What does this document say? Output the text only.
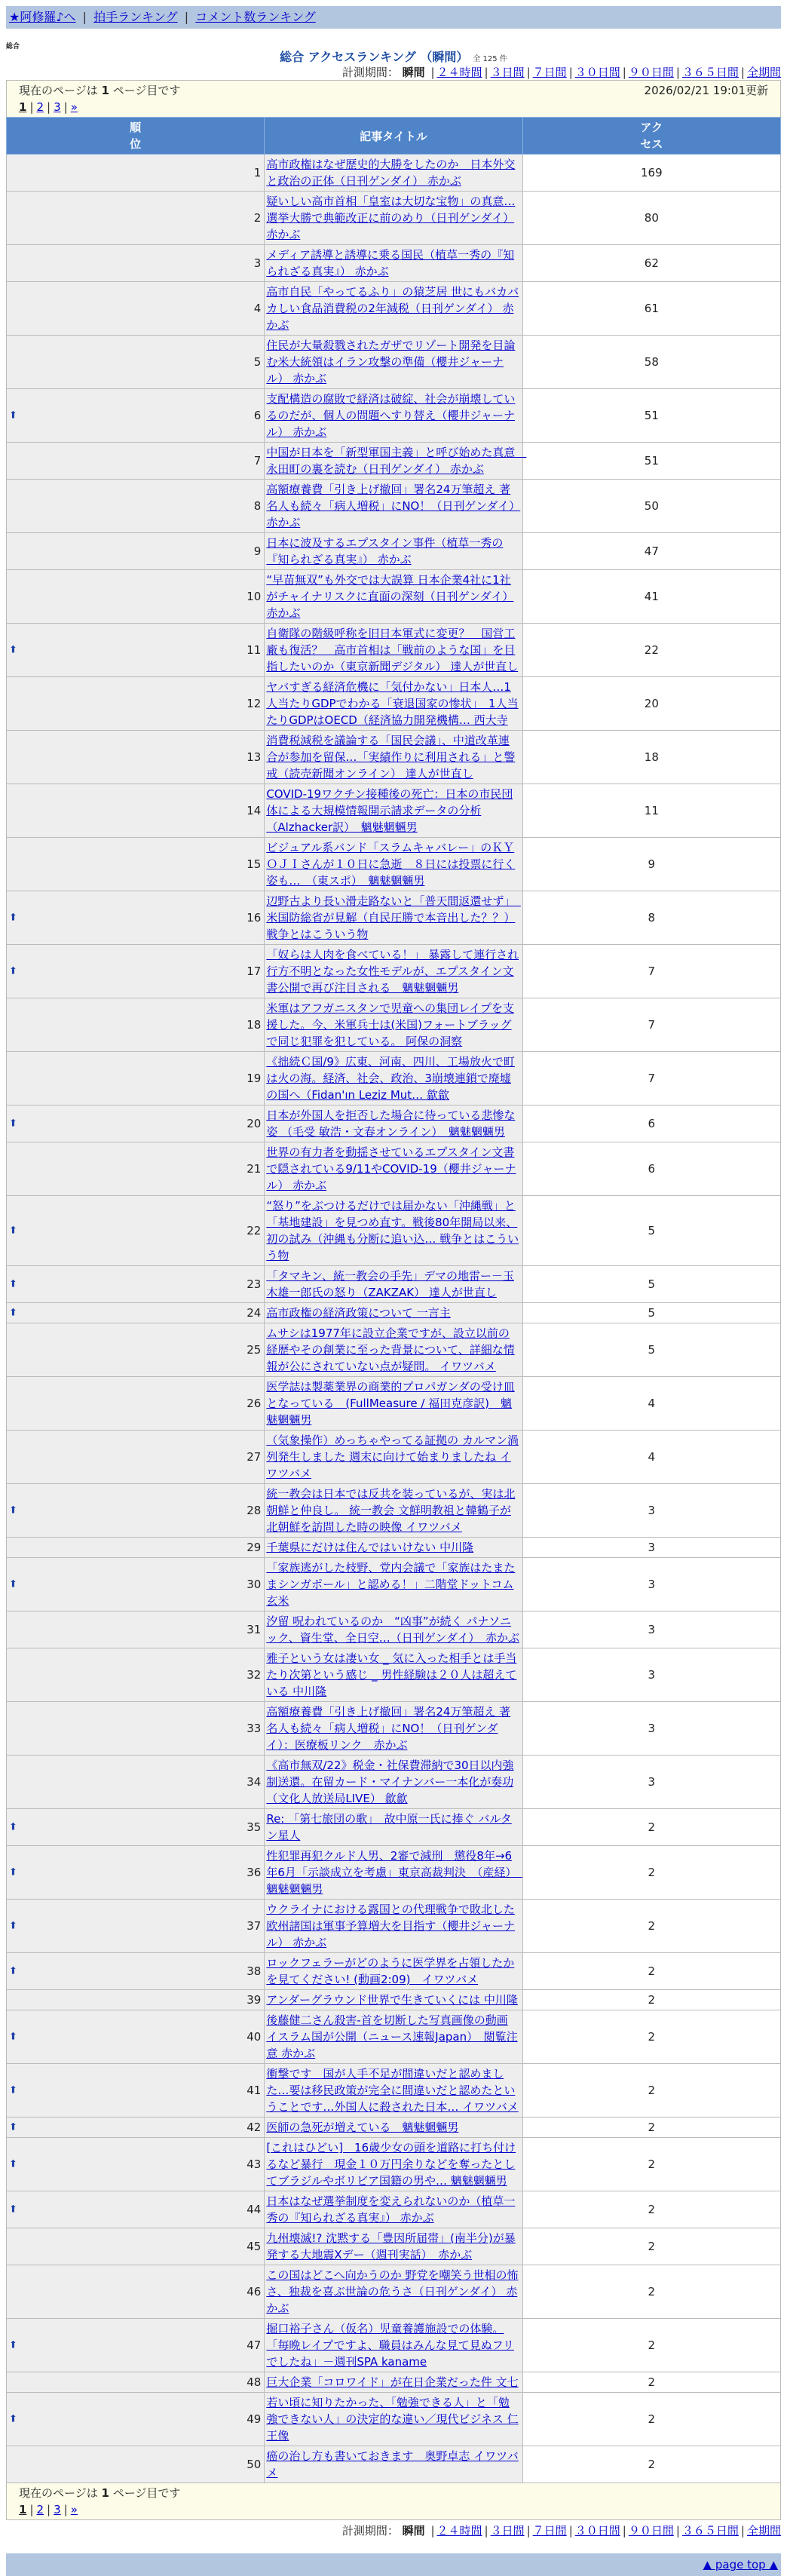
★阿修羅♪へ | 拍手ランキング | コメント数ランキング
総合
総合 アクセスランキング （瞬間） 全 125 件
計測期間： 瞬間 | ２４時間 | ３日間 | ７日間 | ３０日間 | ９０日間 | ３６５日間 | 全期間
2026/02/21 19:01更新
現在のページは 1 ページ目です
1 | 2 | 3 | »		
順位	記事タイトル	アクセス
1	高市政権はなぜ歴史的大勝をしたのか　日本外交と政治の正体（日刊ゲンダイ） 赤かぶ	169
2	疑いしい高市首相「皇室は大切な宝物」の真意…選挙大勝で典範改正に前のめり（日刊ゲンダイ） 赤かぶ	80
3	メディア誘導と誘導に乗る国民（植草一秀の『知られざる真実』） 赤かぶ	62
4	高市自民「やってるふり」の猿芝居 世にもバカバカしい食品消費税の2年減税（日刊ゲンダイ） 赤かぶ	61
5	住民が大量殺戮されたガザでリゾート開発を目論む米大統領はイラン攻撃の準備（櫻井ジャーナル） 赤かぶ	58

⬆ 6	支配構造の腐敗で経済は破綻、社会が崩壊しているのだが、個人の問題へすり替え（櫻井ジャーナル） 赤かぶ	51
7	中国が日本を「新型軍国主義」と呼び始めた真意　永田町の裏を読む（日刊ゲンダイ） 赤かぶ	51
8	高額療養費「引き上げ撤回」署名24万筆超え 著名人も続々「病人増税」にNO！（日刊ゲンダイ） 赤かぶ	50
9	日本に波及するエプスタイン事件（植草一秀の『知られざる真実』） 赤かぶ	47
10	“早苗無双”も外交では大誤算 日本企業4社に1社がチャイナリスクに直面の深刻（日刊ゲンダイ） 赤かぶ	41

⬆ 11	自衛隊の階級呼称を旧日本軍式に変更？　国営工廠も復活？　高市首相は「戦前のような国」を目指したいのか（東京新聞デジタル） 達人が世直し	22
12	ヤバすぎる経済危機に「気付かない」日本人…1人当たりGDPでわかる「衰退国家の惨状」　1人当たりGDPはOECD（経済協力開発機構… 西大寺	20
13	消費税減税を議論する「国民会議」、中道改革連合が参加を留保…「実績作りに利用される」と警戒（読売新聞オンライン） 達人が世直し	18
14	COVID-19ワクチン接種後の死亡：日本の市民団体による大規模情報開示請求データの分析 （Alzhacker訳）　魑魅魍魎男	11
15	ビジュアル系バンド「スラムキャバレー」のＫＹＯＪＩさんが１０日に急逝　８日には投票に行く姿も…　（東スポ）　魑魅魍魎男	9

⬆ 16	辺野古より長い滑走路ないと「普天間返還せず」　米国防総省が見解（自民圧勝で本音出した？？） 戦争とはこういう物	8

⬆ 17	「奴らは人肉を食べている！」 暴露して連行され行方不明となった女性モデルが、エプスタイン文書公開で再び注目される　魑魅魍魎男	7
18	米軍はアフガニスタンで児童への集団レイプを支援した。今、米軍兵士は(米国)フォートブラッグで同じ犯罪を犯している。 阿保の洞察	7
19	《拙続Ｃ国/9》広東、河南、四川、工場放火で町は火の海。経済、社会、政治、3崩壊連鎖で廃墟の国へ（Fidan'ın Leziz Mut… 歙歙	7

⬆ 20	日本が外国人を拒否した場合に待っている悲惨な姿 （毛受 敏浩・文春オンライン）　魑魅魍魎男	6
21	世界の有力者を動揺させているエプスタイン文書で隠されている9/11やCOVID-19（櫻井ジャーナル） 赤かぶ	6

⬆ 22	“怒り”をぶつけるだけでは届かない「沖縄戦」と「基地建設」を見つめ直す。戦後80年開局以来、初の試み（沖縄も分断に追い込… 戦争とはこういう物	5

⬆ 23	「タマキン、統一教会の手先」デマの地雷ー－玉木雄一郎氏の怒り（ZAKZAK） 達人が世直し	5

⬆ 24	高市政権の経済政策について 一言主	5
25	ムサシは1977年に設立企業ですが、設立以前の経歴やその創業に至った背景について、詳細な情報が公にされていない点が疑問。 イワツバメ	5
26	医学誌は製薬業界の商業的プロパガンダの受け皿となっている　(FullMeasure / 福田克彦訳)　魑魅魍魎男	4
27	（気象操作）めっちゃやってる証拠の カルマン渦列発生しました 週末に向けて始まりましたね イワツバメ	4

⬆ 28	統一教会は日本では反共を装っているが、実は北朝鮮と仲良し。 統一教会 文鮮明教祖と韓鶴子が北朝鮮を訪問した時の映像 イワツバメ	3
29	千葉県にだけは住んではいけない 中川隆	3

⬆ 30	「家族逃がした枝野、党内会議で「家族はたまたまシンガポール」と認める！」二階堂ドットコム 玄米	3
31	汐留 呪われているのか　“凶事”が続く パナソニック、資生堂、全日空…（日刊ゲンダイ）　赤かぶ	3
32	雅子という女は凄い女 _ 気に入った相手とは手当たり次第という感じ _ 男性経験は２０人は超えている 中川隆	3
33	高額療養費「引き上げ撤回」署名24万筆超え 著名人も続々「病人増税」にNO！（日刊ゲンダイ）：医療板リンク　赤かぶ	3
34	《高市無双/22》税金・社保費滞納で30日以内強制送還。在留カード・マイナンバー一本化が奏功（文化人放送局LIVE） 歙歙	3

⬆ 35	Re: 「第七旅団の歌」　故中原一氏に捧ぐ バルタン星人	2

⬆ 36	性犯罪再犯クルド人男、2審で減刑　懲役8年→6年6月「示談成立を考慮」東京高裁判決　（産経）　魑魅魍魎男	2

⬆ 37	ウクライナにおける露国との代理戦争で敗北した欧州諸国は軍事予算増大を目指す（櫻井ジャーナル） 赤かぶ	2

⬆ 38	ロックフェラーがどのように医学界を占領したかを見てください! (動画2:09)　イワツバメ	2
39	アンダーグラウンド世界で生きていくには 中川隆	2

⬆ 40	後藤健二さん殺害-首を切断した写真画像の動画 イスラム国が公開（ニュース速報Japan）　閲覧注意 赤かぶ	2

⬆ 41	衝撃です　国が人手不足が間違いだと認めました…要は移民政策が完全に間違いだと認めたということです…外国人に殺された日本… イワツバメ	2

⬆ 42	医師の急死が増えている　魑魅魍魎男	2

⬆ 43	[これはひどい]　16歳少女の頭を道路に打ち付けるなど暴行　現金１０万円余りなどを奪ったとしてブラジルやボリビア国籍の男や… 魑魅魍魎男	2

⬆ 44	日本はなぜ選挙制度を変えられないのか（植草一秀の『知られざる真実』） 赤かぶ	2
45	九州壊滅!? 沈黙する「豊因所届帯」(南半分)が暴発する大地震Xデー（週刊実話）　赤かぶ	2
46	この国はどこへ向かうのか 野党を嘲笑う世相の怖さ、独裁を喜ぶ世論の危うさ（日刊ゲンダイ） 赤かぶ	2

⬆ 47	掘口裕子さん（仮名）児童養護施設での体験。「毎晩レイプですよ、職員はみんな見て見ぬフリでしたね」－週刊SPA kaname	2
48	巨大企業「コロワイド」が在日企業だった件 文七	2

⬆ 49	若い頃に知りたかった、「勉強できる人」と「勉強できない人」の決定的な違い／現代ビジネス 仁王像	2
50	癌の治し方も書いておきます　奥野卓志 イワツバメ	2
現在のページは 1 ページ目です
1 | 2 | 3 | »		
計測期間： 瞬間 | ２４時間 | ３日間 | ７日間 | ３０日間 | ９０日間 | ３６５日間 | 全期間
▲ page top ▲
